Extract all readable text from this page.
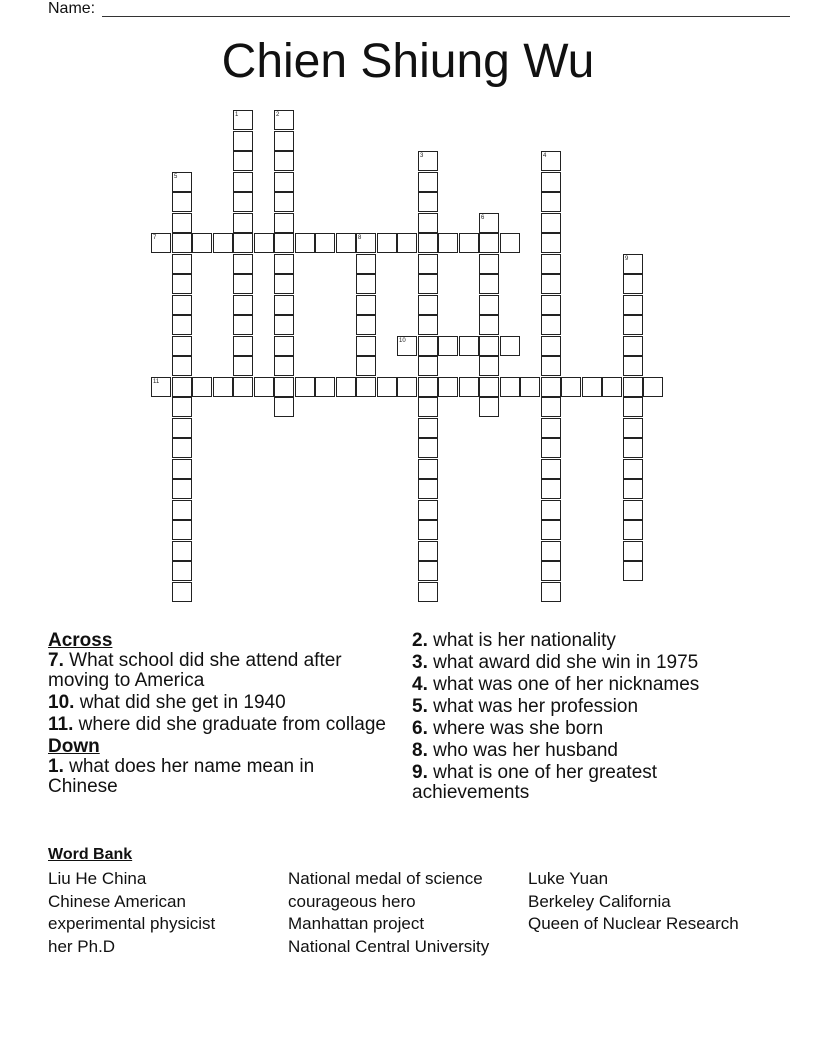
Name:
Chien Shiung Wu
1	2
3	4
5
6
7	8
9
10
11
Across
7. What school did she attend after moving to America
10. what did she get in 1940
11. where did she graduate from collage
Down
1. what does her name mean in Chinese
2. what is her nationality
3. what award did she win in 1975
4. what was one of her nicknames
5. what was her profession
6. where was she born
8. who was her husband
9. what is one of her greatest achievements
Word Bank
Liu He China
Chinese American
experimental physicist
her Ph.D
National medal of science
courageous hero
Manhattan project
National Central University
Luke Yuan
Berkeley California
Queen of Nuclear Research
